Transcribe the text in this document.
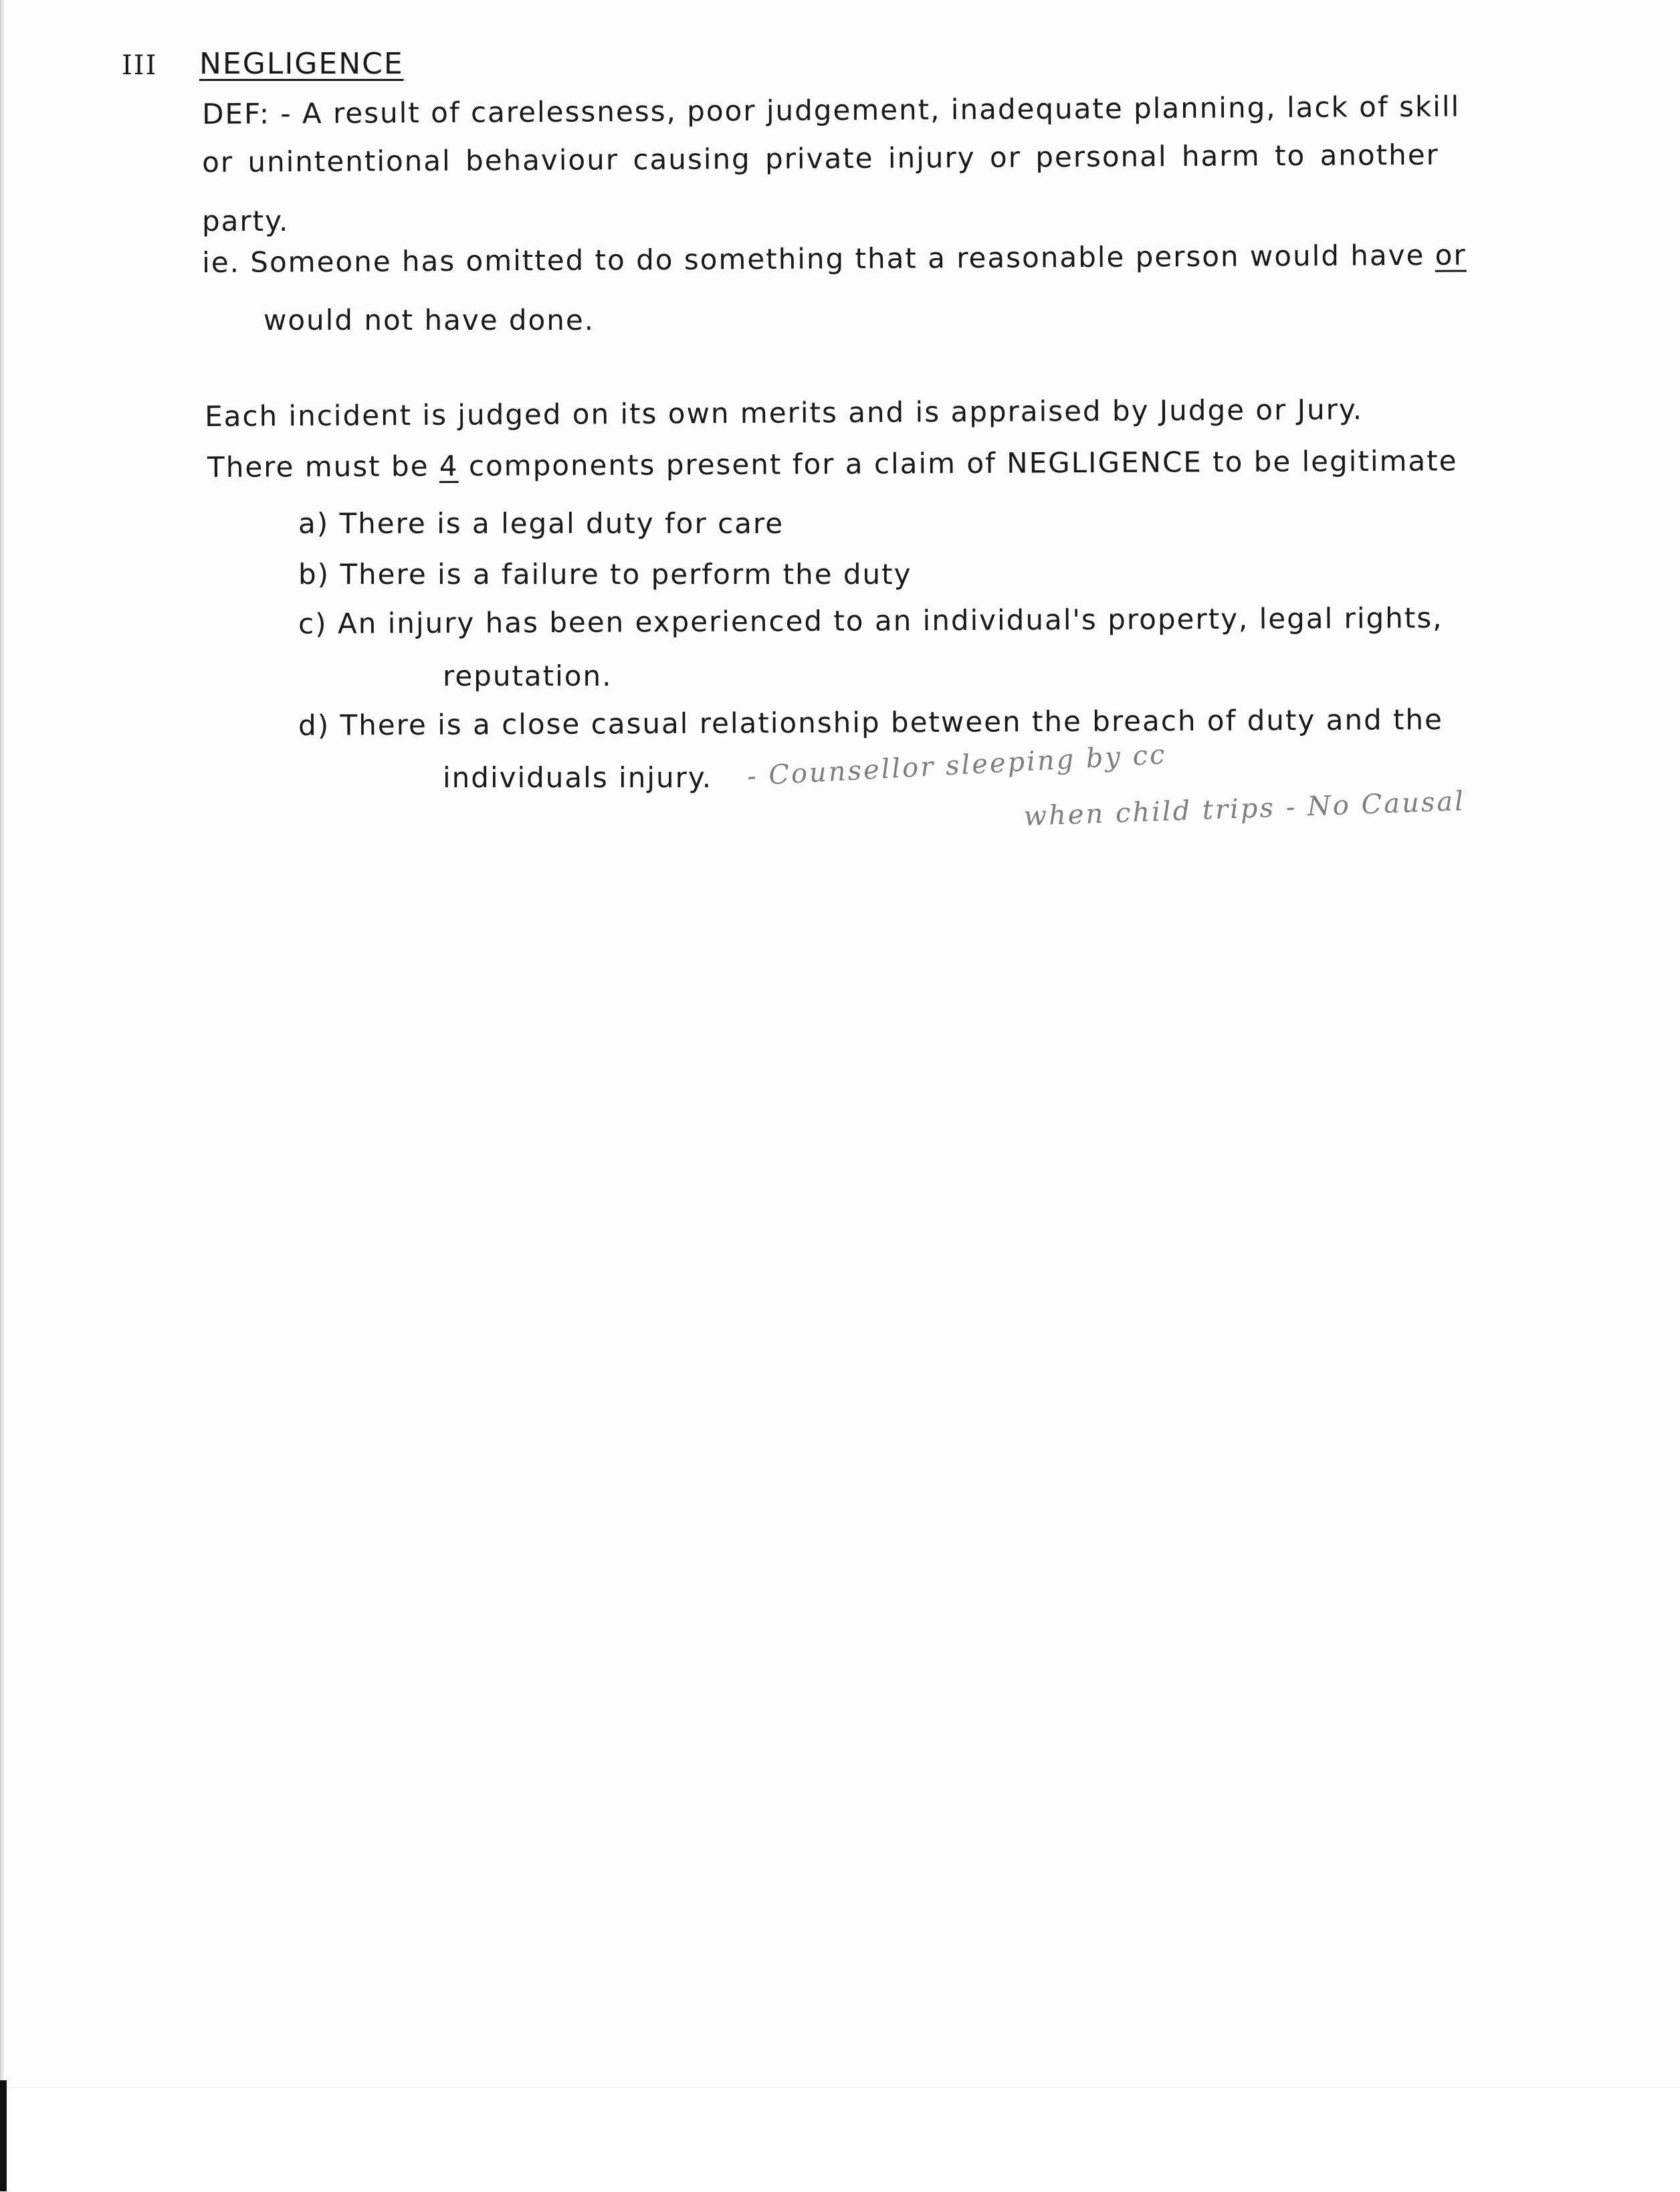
III NEGLIGENCE
DEF: - A result of carelessness, poor judgement, inadequate planning, lack of skill
or unintentional behaviour causing private injury or personal harm to another
party.
ie. Someone has omitted to do something that a reasonable person would have or
would not have done.
Each incident is judged on its own merits and is appraised by Judge or Jury.
There must be 4 components present for a claim of NEGLIGENCE to be legitimate
a) There is a legal duty for care
b) There is a failure to perform the duty
c) An injury has been experienced to an individual's property, legal rights,
reputation.
d) There is a close casual relationship between the breach of duty and the
individuals injury. - Counsellor sleeping by cc
when child trips - No Causal
